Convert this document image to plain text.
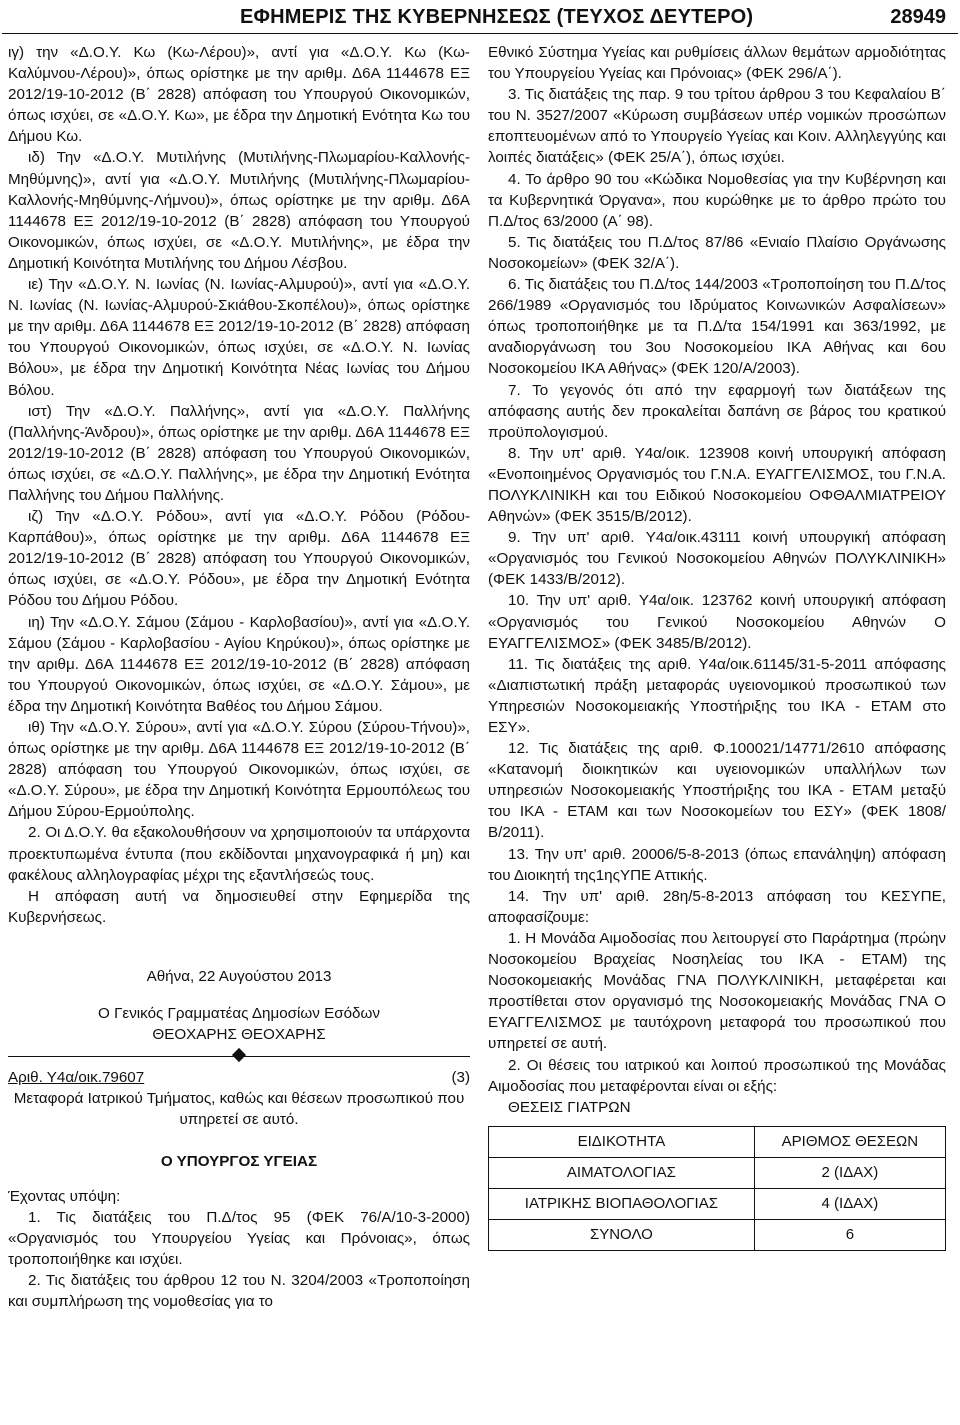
ΕΦΗΜΕΡΙΣ ΤΗΣ ΚΥΒΕΡΝΗΣΕΩΣ (ΤΕΥΧΟΣ ΔΕΥΤΕΡΟ)	28949

ιγ) την «Δ.Ο.Υ. Κω (Κω-Λέρου)», αντί για «Δ.Ο.Υ. Κω (Κω-Καλύμνου-Λέρου)», όπως ορίστηκε με την αριθμ. Δ6Α 1144678 ΕΞ 2012/19-10-2012 (Β΄ 2828) απόφαση του Υπουργού Οικονομικών, όπως ισχύει, σε «Δ.Ο.Υ. Κω», με έδρα την Δημοτική Ενότητα Κω του Δήμου Κω.

ιδ) Την «Δ.Ο.Υ. Μυτιλήνης (Μυτιλήνης-Πλωμαρίου-Καλλονής-Μηθύμνης)», αντί για «Δ.Ο.Υ. Μυτιλήνης (Μυτιλήνης-Πλωμαρίου-Καλλονής-Μηθύμνης-Λήμνου)», όπως ορίστηκε με την αριθμ. Δ6Α 1144678 ΕΞ 2012/19-10-2012 (Β΄ 2828) απόφαση του Υπουργού Οικονομικών, όπως ισχύει, σε «Δ.Ο.Υ. Μυτιλήνης», με έδρα την Δημοτική Κοινότητα Μυτιλήνης του Δήμου Λέσβου.

ιε) Την «Δ.Ο.Υ. Ν. Ιωνίας (Ν. Ιωνίας-Αλμυρού)», αντί για «Δ.Ο.Υ. Ν. Ιωνίας (Ν. Ιωνίας-Αλμυρού-Σκιάθου-Σκοπέλου)», όπως ορίστηκε με την αριθμ. Δ6Α 1144678 ΕΞ 2012/19-10-2012 (Β΄ 2828) απόφαση του Υπουργού Οικονομικών, όπως ισχύει, σε «Δ.Ο.Υ. Ν. Ιωνίας Βόλου», με έδρα την Δημοτική Κοινότητα Νέας Ιωνίας του Δήμου Βόλου.

ιστ) Την «Δ.Ο.Υ. Παλλήνης», αντί για «Δ.Ο.Υ. Παλλήνης (Παλλήνης-Άνδρου)», όπως ορίστηκε με την αριθμ. Δ6Α 1144678 ΕΞ 2012/19-10-2012 (Β΄ 2828) απόφαση του Υπουργού Οικονομικών, όπως ισχύει, σε «Δ.Ο.Υ. Παλλήνης», με έδρα την Δημοτική Ενότητα Παλλήνης του Δήμου Παλλήνης.

ιζ) Την «Δ.Ο.Υ. Ρόδου», αντί για «Δ.Ο.Υ. Ρόδου (Ρόδου-Καρπάθου)», όπως ορίστηκε με την αριθμ. Δ6Α 1144678 ΕΞ 2012/19-10-2012 (Β΄ 2828) απόφαση του Υπουργού Οικονομικών, όπως ισχύει, σε «Δ.Ο.Υ. Ρόδου», με έδρα την Δημοτική Ενότητα Ρόδου του Δήμου Ρόδου.

ιη) Την «Δ.Ο.Υ. Σάμου (Σάμου - Καρλοβασίου)», αντί για «Δ.Ο.Υ. Σάμου (Σάμου - Καρλοβασίου - Αγίου Κηρύκου)», όπως ορίστηκε με την αριθμ. Δ6Α 1144678 ΕΞ 2012/19-10-2012 (Β΄ 2828) απόφαση του Υπουργού Οικονομικών, όπως ισχύει, σε «Δ.Ο.Υ. Σάμου», με έδρα την Δημοτική Κοινότητα Βαθέος του Δήμου Σάμου.

ιθ) Την «Δ.Ο.Υ. Σύρου», αντί για «Δ.Ο.Υ. Σύρου (Σύρου-Τήνου)», όπως ορίστηκε με την αριθμ. Δ6Α 1144678 ΕΞ 2012/19-10-2012 (Β΄ 2828) απόφαση του Υπουργού Οικονομικών, όπως ισχύει, σε «Δ.Ο.Υ. Σύρου», με έδρα την Δημοτική Κοινότητα Ερμουπόλεως του Δήμου Σύρου-Ερμούπολης.

2. Οι Δ.Ο.Υ. θα εξακολουθήσουν να χρησιμοποιούν τα υπάρχοντα προεκτυπωμένα έντυπα (που εκδίδονται μηχανογραφικά ή μη) και φακέλους αλληλογραφίας μέχρι της εξαντλήσεώς τους.

Η απόφαση αυτή να δημοσιευθεί στην Εφημερίδα της Κυβερνήσεως.

Αθήνα, 22 Αυγούστου 2013

Ο Γενικός Γραμματέας Δημοσίων Εσόδων

ΘΕΟΧΑΡΗΣ ΘΕΟΧΑΡΗΣ

Αριθ. Υ4α/οικ.79607	(3)

Μεταφορά Ιατρικού Τμήματος, καθώς και θέσεων προσωπικού που υπηρετεί σε αυτό.

Ο ΥΠΟΥΡΓΟΣ ΥΓΕΙΑΣ

Έχοντας υπόψη:

1. Τις διατάξεις του Π.Δ/τος 95 (ΦΕΚ 76/Α/10-3-2000) «Οργανισμός του Υπουργείου Υγείας και Πρόνοιας», όπως τροποποιήθηκε και ισχύει.

2. Τις διατάξεις του άρθρου 12 του Ν. 3204/2003 «Τροποποίηση και συμπλήρωση της νομοθεσίας για το

Εθνικό Σύστημα Υγείας και ρυθμίσεις άλλων θεμάτων αρμοδιότητας του Υπουργείου Υγείας και Πρόνοιας» (ΦΕΚ 296/Α΄).

3. Τις διατάξεις της παρ. 9 του τρίτου άρθρου 3 του Κεφαλαίου Β΄ του Ν. 3527/2007 «Κύρωση συμβάσεων υπέρ νομικών προσώπων εποπτευομένων από το Υπουργείο Υγείας και Κοιν. Αλληλεγγύης και λοιπές διατάξεις» (ΦΕΚ 25/Α΄), όπως ισχύει.

4. Το άρθρο 90 του «Κώδικα Νομοθεσίας για την Κυβέρνηση και τα Κυβερνητικά Όργανα», που κυρώθηκε με το άρθρο πρώτο του Π.Δ/τος 63/2000 (Α΄ 98).

5. Τις διατάξεις του Π.Δ/τος 87/86 «Ενιαίο Πλαίσιο Οργάνωσης Νοσοκομείων» (ΦΕΚ 32/Α΄).

6. Τις διατάξεις του Π.Δ/τος 144/2003 «Τροποποίηση του Π.Δ/τος 266/1989 «Οργανισμός του Ιδρύματος Κοινωνικών Ασφαλίσεων» όπως τροποποιήθηκε με τα Π.Δ/τα 154/1991 και 363/1992, με αναδιοργάνωση του 3ου Νοσοκομείου ΙΚΑ Αθήνας και 6ου Νοσοκομείου ΙΚΑ Αθήνας» (ΦΕΚ 120/Α/2003).

7. Το γεγονός ότι από την εφαρμογή των διατάξεων της απόφασης αυτής δεν προκαλείται δαπάνη σε βάρος του κρατικού προϋπολογισμού.

8. Την υπ' αριθ. Υ4α/οικ. 123908 κοινή υπουργική απόφαση «Ενοποιημένος Οργανισμός του Γ.Ν.Α. ΕΥΑΓΓΕΛΙΣΜΟΣ, του Γ.Ν.Α. ΠΟΛΥΚΛΙΝΙΚΗ και του Ειδικού Νοσοκομείου ΟΦΘΑΛΜΙΑΤΡΕΙΟΥ Αθηνών» (ΦΕΚ 3515/Β/2012).

9. Την υπ' αριθ. Υ4α/οικ.43111 κοινή υπουργική απόφαση «Οργανισμός του Γενικού Νοσοκομείου Αθηνών ΠΟΛΥΚΛΙΝΙΚΗ» (ΦΕΚ 1433/Β/2012).

10. Την υπ' αριθ. Υ4α/οικ. 123762 κοινή υπουργική απόφαση «Οργανισμός του Γενικού Νοσοκομείου Αθηνών Ο ΕΥΑΓΓΕΛΙΣΜΟΣ» (ΦΕΚ 3485/Β/2012).

11. Τις διατάξεις της αριθ. Υ4α/οικ.61145/31-5-2011 απόφασης «Διαπιστωτική πράξη μεταφοράς υγειονομικού προσωπικού των Υπηρεσιών Νοσοκομειακής Υποστήριξης του ΙΚΑ - ΕΤΑΜ στο ΕΣΥ».

12. Τις διατάξεις της αριθ. Φ.100021/14771/2610 απόφασης «Κατανομή διοικητικών και υγειονομικών υπαλλήλων των υπηρεσιών Νοσοκομειακής Υποστήριξης του ΙΚΑ - ΕΤΑΜ μεταξύ του ΙΚΑ - ΕΤΑΜ και των Νοσοκομείων του ΕΣΥ» (ΦΕΚ 1808/Β/2011).

13. Την υπ' αριθ. 20006/5-8-2013 (όπως επανάληψη) απόφαση του Διοικητή της1ηςΥΠΕ Αττικής.

14. Την υπ' αριθ. 28η/5-8-2013 απόφαση του ΚΕΣΥΠΕ, αποφασίζουμε:

1. Η Μονάδα Αιμοδοσίας που λειτουργεί στο Παράρτημα (πρώην Νοσοκομείου Βραχείας Νοσηλείας του ΙΚΑ - ΕΤΑΜ) της Νοσοκομειακής Μονάδας ΓΝΑ ΠΟΛΥΚΛΙΝΙΚΗ, μεταφέρεται και προστίθεται στον οργανισμό της Νοσοκομειακής Μονάδας ΓΝΑ Ο ΕΥΑΓΓΕΛΙΣΜΟΣ με ταυτόχρονη μεταφορά του προσωπικού που υπηρετεί σε αυτή.

2. Οι θέσεις του ιατρικού και λοιπού προσωπικού της Μονάδας Αιμοδοσίας που μεταφέρονται είναι οι εξής:

ΘΕΣΕΙΣ ΓΙΑΤΡΩΝ

ΕΙΔΙΚΟΤΗΤΑ	ΑΡΙΘΜΟΣ ΘΕΣΕΩΝ
ΑΙΜΑΤΟΛΟΓΙΑΣ	2 (ΙΔΑΧ)
ΙΑΤΡΙΚΗΣ ΒΙΟΠΑΘΟΛΟΓΙΑΣ	4 (ΙΔΑΧ)
ΣΥΝΟΛΟ	6
